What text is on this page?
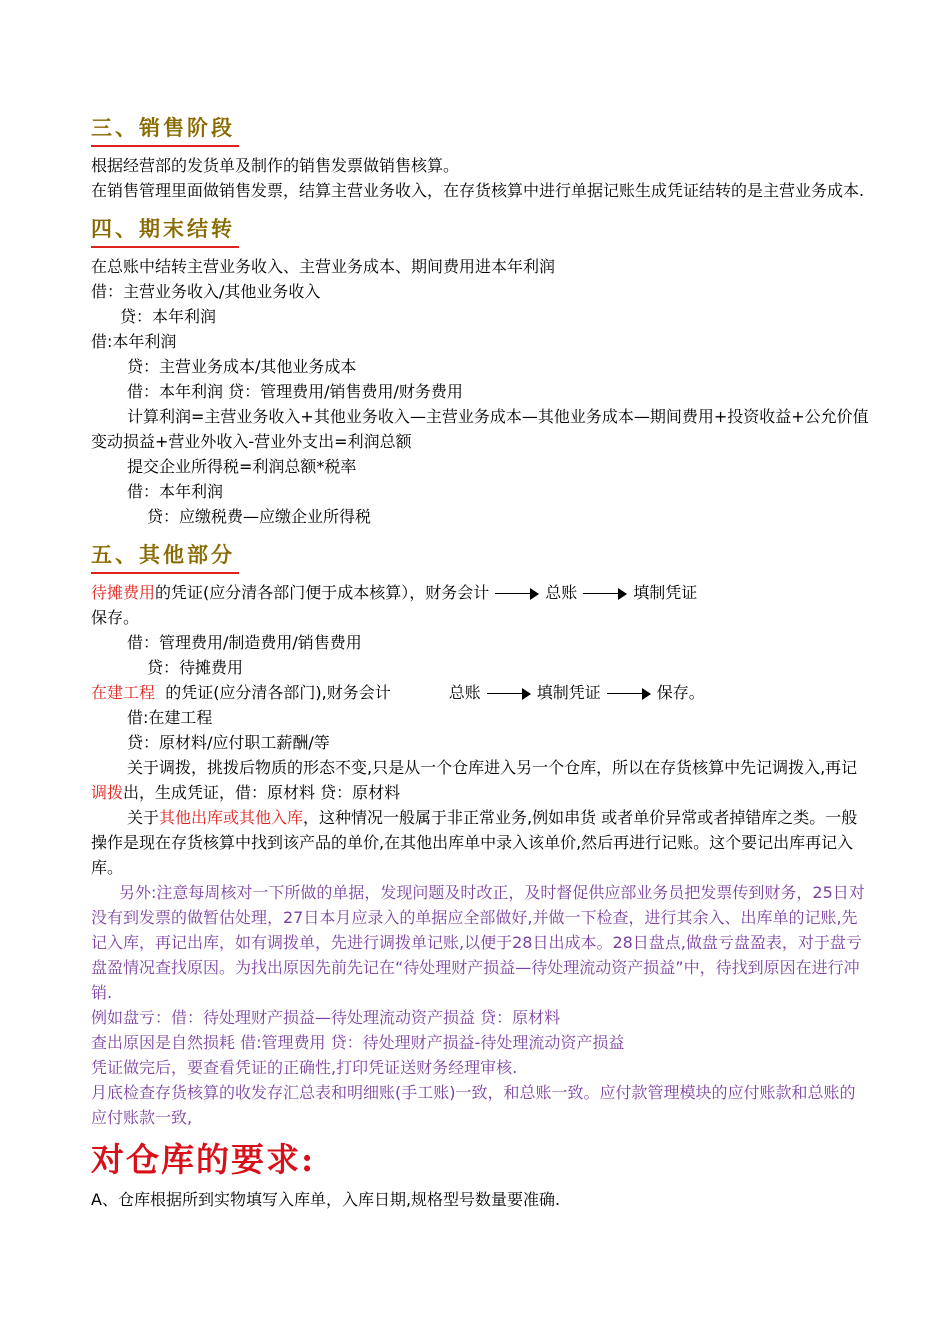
三、销售阶段

根据经营部的发货单及制作的销售发票做销售核算。

在销售管理里面做销售发票，结算主营业务收入，在存货核算中进行单据记账生成凭证结转的是主营业务成本.

四、期末结转

在总账中结转主营业务收入、主营业务成本、期间费用进本年利润

借：主营业务收入/其他业务收入

贷：本年利润

借:本年利润

贷：主营业务成本/其他业务成本

借：本年利润 贷：管理费用/销售费用/财务费用

计算利润=主营业务收入+其他业务收入—主营业务成本—其他业务成本—期间费用+投资收益+公允价值变动损益+营业外收入-营业外支出=利润总额

提交企业所得税=利润总额*税率

借：本年利润

贷：应缴税费—应缴企业所得税

五、其他部分

待摊费用的凭证(应分清各部门便于成本核算），财务会计	总账	填制凭证
保存。

借：管理费用/制造费用/销售费用

贷：待摊费用

在建工程 的凭证(应分清各部门),财务会计	总账	填制凭证	保存。

借:在建工程

贷：原材料/应付职工薪酬/等

关于调拨，挑拨后物质的形态不变,只是从一个仓库进入另一个仓库，所以在存货核算中先记调拨入,再记调拨出，生成凭证，借：原材料 贷：原材料

关于其他出库或其他入库，这种情况一般属于非正常业务,例如串货 或者单价异常或者掉错库之类。一般操作是现在存货核算中找到该产品的单价,在其他出库单中录入该单价,然后再进行记账。这个要记出库再记入库。

另外:注意每周核对一下所做的单据，发现问题及时改正，及时督促供应部业务员把发票传到财务，25日对没有到发票的做暂估处理，27日本月应录入的单据应全部做好,并做一下检查，进行其余入、出库单的记账,先记入库，再记出库，如有调拨单，先进行调拨单记账,以便于28日出成本。28日盘点,做盘亏盘盈表，对于盘亏盘盈情况查找原因。为找出原因先前先记在“待处理财产损益—待处理流动资产损益”中，待找到原因在进行冲销.

例如盘亏：借：待处理财产损益—待处理流动资产损益 贷：原材料

查出原因是自然损耗 借:管理费用 贷：待处理财产损益-待处理流动资产损益

凭证做完后，要查看凭证的正确性,打印凭证送财务经理审核.

月底检查存货核算的收发存汇总表和明细账(手工账)一致，和总账一致。应付款管理模块的应付账款和总账的应付账款一致,

对仓库的要求:

A、仓库根据所到实物填写入库单，入库日期,规格型号数量要准确.
